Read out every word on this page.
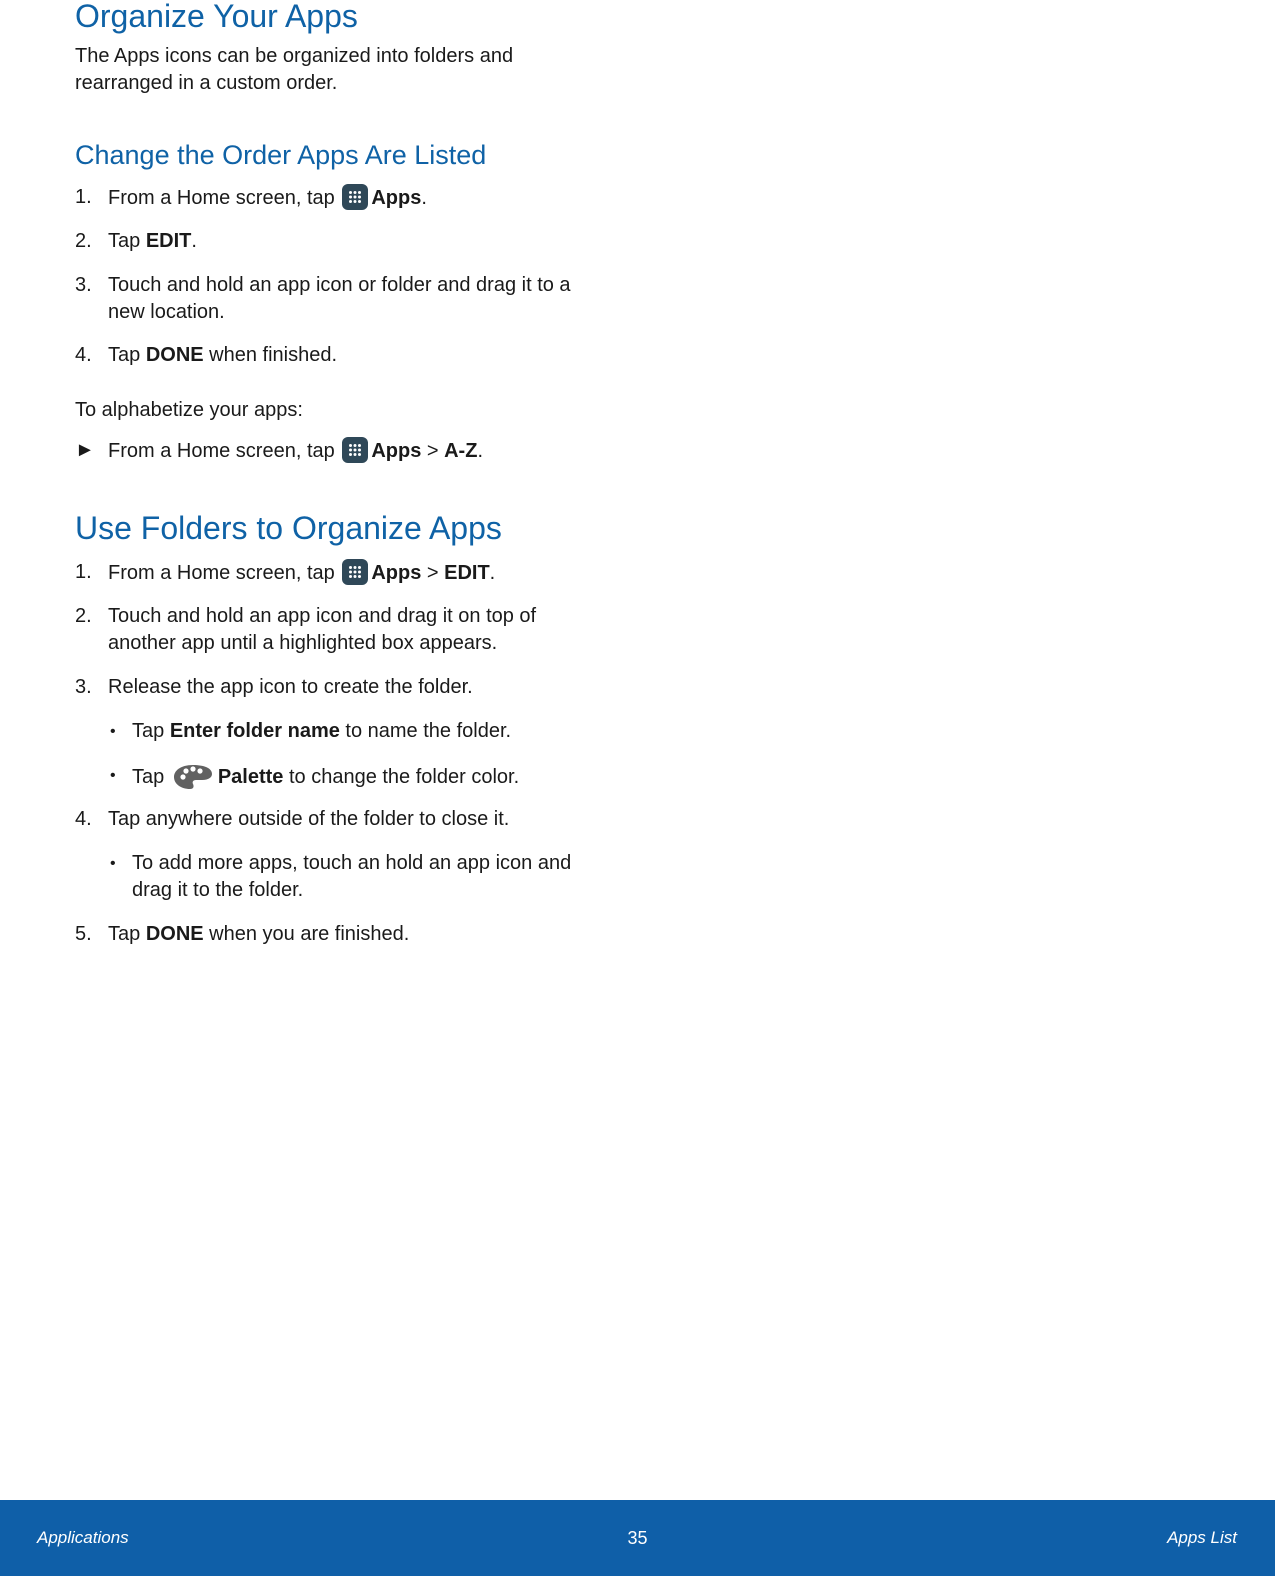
Organize Your Apps

The Apps icons can be organized into folders and rearranged in a custom order.

Change the Order Apps Are Listed
1. From a Home screen, tap Apps.
2. Tap EDIT.
3. Touch and hold an app icon or folder and drag it to a new location.
4. Tap DONE when finished.

To alphabetize your apps:

► From a Home screen, tap Apps > A-Z.
Use Folders to Organize Apps
1. From a Home screen, tap Apps > EDIT.
2. Touch and hold an app icon and drag it on top of another app until a highlighted box appears.
3. Release the app icon to create the folder.
• Tap Enter folder name to name the folder.
• Tap	Palette to change the folder color.
4. Tap anywhere outside of the folder to close it.
• To add more apps, touch an hold an app icon and drag it to the folder.
5. Tap DONE when you are finished.
Applications	35	Apps List
